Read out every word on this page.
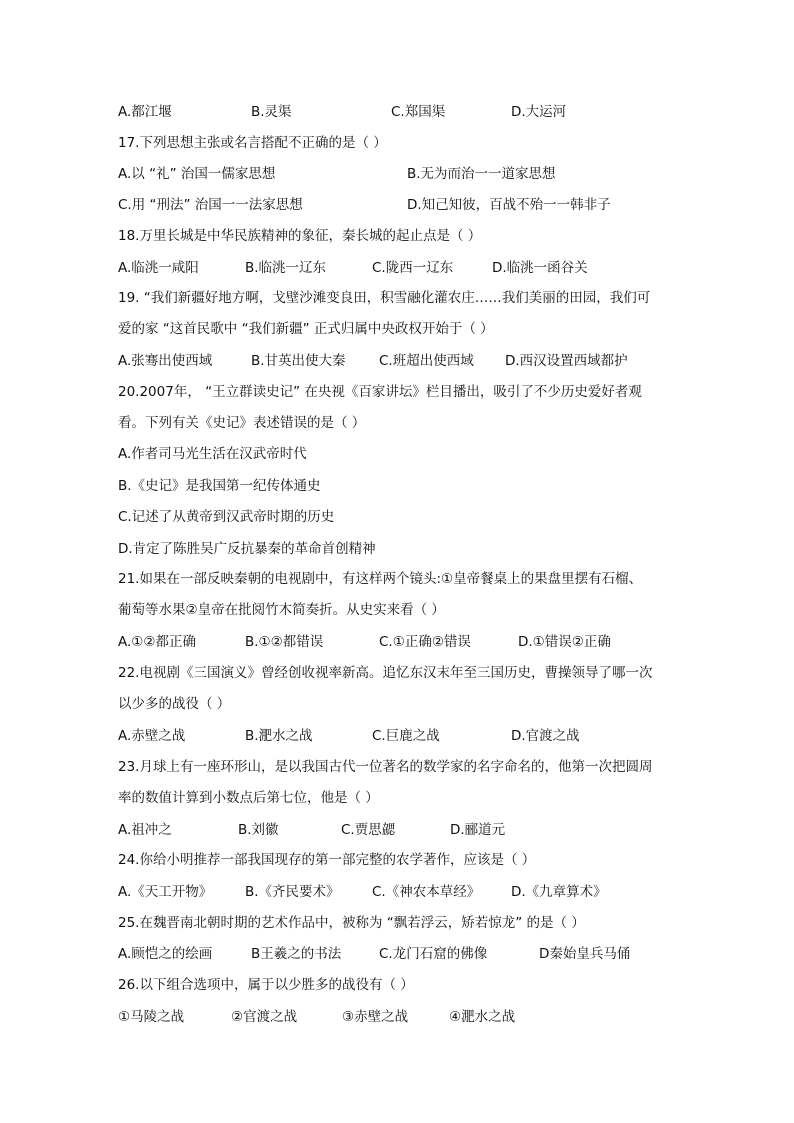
A.都江堰	B.灵渠	C.郑国渠	D.大运河
17.下列思想主张或名言搭配不正确的是（ ）
A.以 “礼” 治国一儒家思想	B.无为而治一一道家思想
C.用 “刑法” 治国一一法家思想	D.知己知彼，百战不殆一一韩非子
18.万里长城是中华民族精神的象征，秦长城的起止点是（ ）
A.临洮一咸阳	B.临洮一辽东	C.陇西一辽东	D.临洮一函谷关
19. “我们新疆好地方啊，戈壁沙滩变良田，积雪融化灌农庄……我们美丽的田园，我们可
爱的家 “这首民歌中 “我们新疆” 正式归属中央政权开始于（ ）
A.张骞出使西域	B.甘英出使大秦 C.班超出使西域 D.西汉设置西域都护
20.2007年， “王立群读史记” 在央视《百家讲坛》栏目播出，吸引了不少历史爱好者观
看。下列有关《史记》表述错误的是（ ）
A.作者司马光生活在汉武帝时代
B.《史记》是我国第一纪传体通史
C.记述了从黄帝到汉武帝时期的历史
D.肯定了陈胜吴广反抗暴秦的革命首创精神
21.如果在一部反映秦朝的电视剧中，有这样两个镜头:①皇帝餐桌上的果盘里摆有石榴、
葡萄等水果②皇帝在批阅竹木简奏折。从史实来看（ ）
A.①②都正确	B.①②都错误	C.①正确②错误	D.①错误②正确
22.电视剧《三国演义》曾经创收视率新高。追忆东汉末年至三国历史，曹操领导了哪一次
以少多的战役（ ）
A.赤壁之战	B.淝水之战	C.巨鹿之战	D.官渡之战
23.月球上有一座环形山，是以我国古代一位著名的数学家的名字命名的，他第一次把圆周
率的数值计算到小数点后第七位，他是（ ）
A.祖冲之	B.刘徽	C.贾思勰	D.郦道元
24.你给小明推荐一部我国现存的第一部完整的农学著作，应该是（ ）
A.《天工开物》 B.《齐民要术》 C.《神农本草经》 D.《九章算术》
25.在魏晋南北朝时期的艺术作品中，被称为 “飘若浮云，矫若惊龙” 的是（ ）
A.顾恺之的绘画	B王羲之的书法	C.龙门石窟的佛像	D秦始皇兵马俑
26.以下组合选项中，属于以少胜多的战役有（ ）
①马陵之战	②官渡之战	③赤壁之战	④淝水之战
